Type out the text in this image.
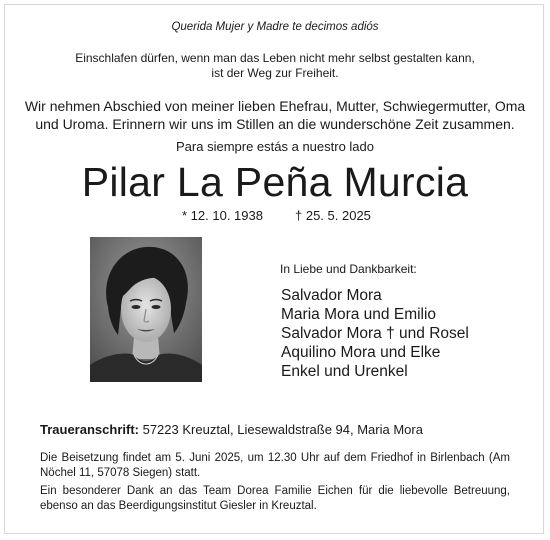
Querida Mujer y Madre te decimos adiós
Einschlafen dürfen, wenn man das Leben nicht mehr selbst gestalten kann,
ist der Weg zur Freiheit.
Wir nehmen Abschied von meiner lieben Ehefrau, Mutter, Schwiegermutter, Oma
und Uroma. Erinnern wir uns im Stillen an die wunderschöne Zeit zusammen.
Para siempre estás a nuestro lado
Pilar La Peña Murcia
* 12. 10. 1938 † 25. 5. 2025
In Liebe und Dankbarkeit:
Salvador Mora
Maria Mora und Emilio
Salvador Mora † und Rosel
Aquilino Mora und Elke
Enkel und Urenkel
Traueranschrift: 57223 Kreuztal, Liesewaldstraße 94, Maria Mora
Die Beisetzung findet am 5. Juni 2025, um 12.30 Uhr auf dem Friedhof in Birlenbach (Am Nöchel 11, 57078 Siegen) statt.
Ein besonderer Dank an das Team Dorea Familie Eichen für die liebevolle Betreuung, ebenso an das Beerdigungsinstitut Giesler in Kreuztal.
